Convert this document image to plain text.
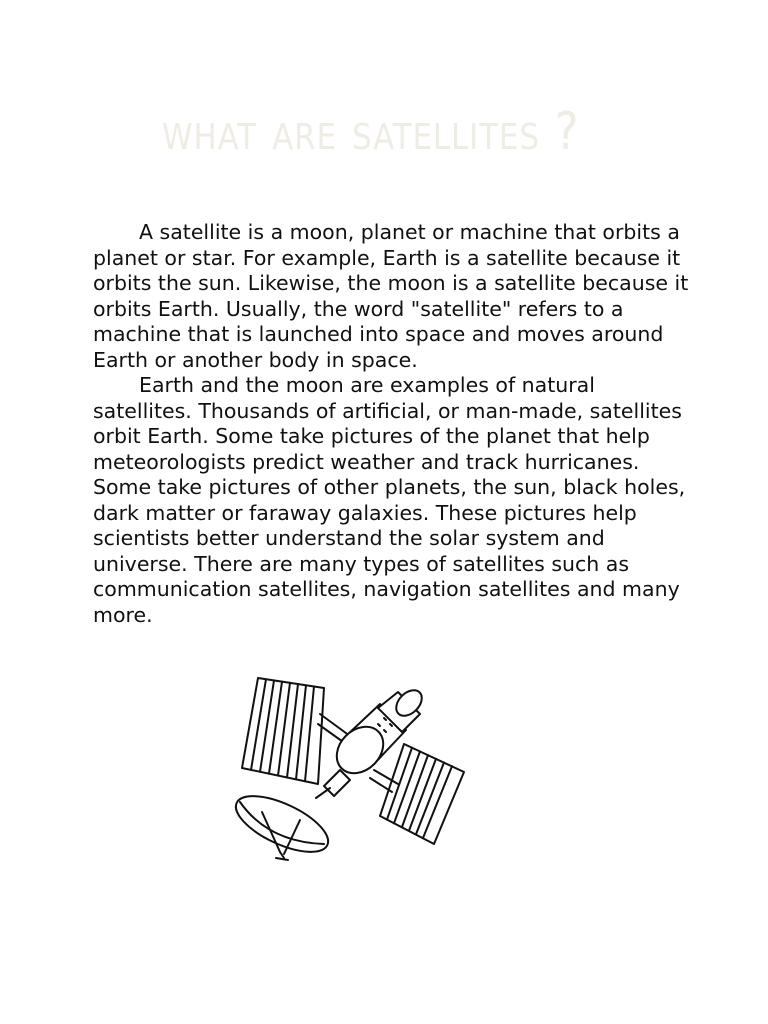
what are satellites ?

A satellite is a moon, planet or machine that orbits a planet or star. For example, Earth is a satellite because it orbits the sun. Likewise, the moon is a satellite because it orbits Earth. Usually, the word "satellite" refers to a machine that is launched into space and moves around Earth or another body in space.

Earth and the moon are examples of natural satellites. Thousands of artificial, or man-made, satellites orbit Earth. Some take pictures of the planet that help meteorologists predict weather and track hurricanes. Some take pictures of other planets, the sun, black holes, dark matter or faraway galaxies. These pictures help scientists better understand the solar system and universe. There are many types of satellites such as communication satellites, navigation satellites and many more.
